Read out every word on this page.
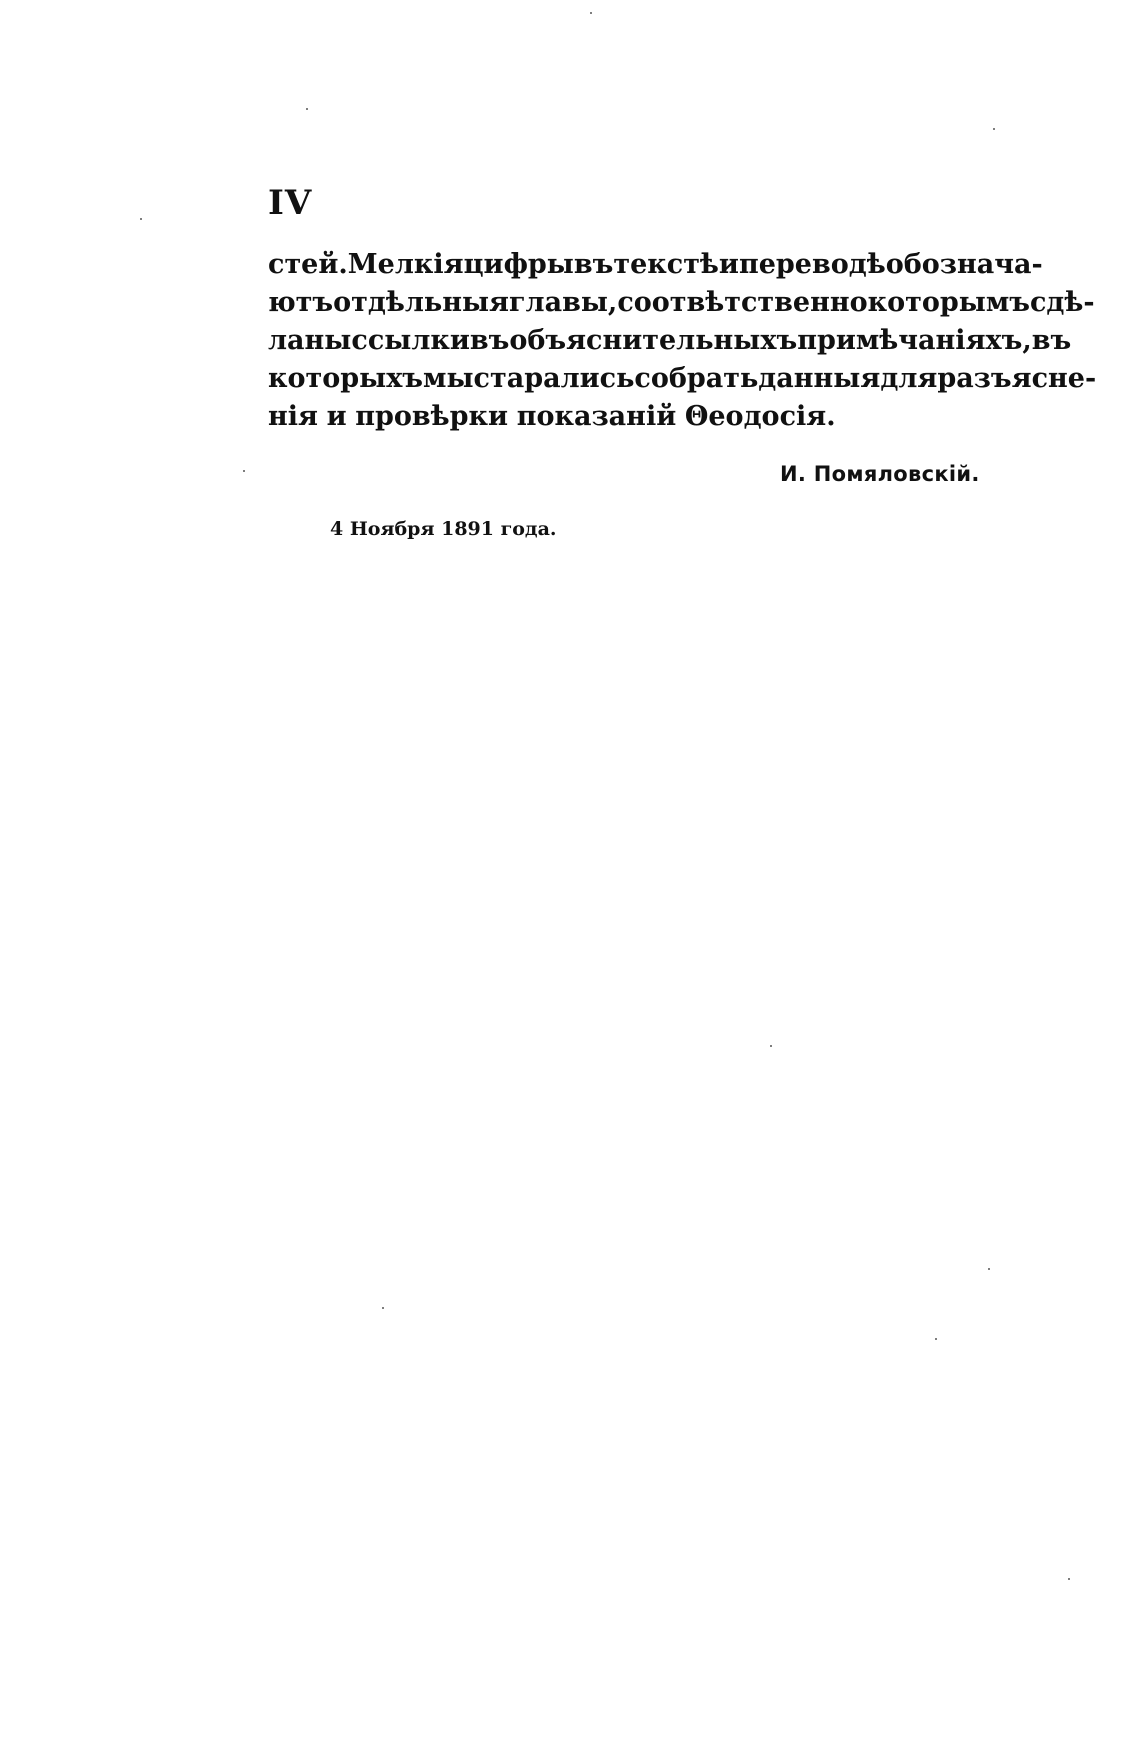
IV
стей. Мелкія цифры въ текстѣ и переводѣ обознача-
ютъ отдѣльныя главы, соотвѣтственно которымъ сдѣ-
ланы ссылки въ объяснительныхъ примѣчаніяхъ, въ
которыхъ мы старались собрать данныя для разъясне-
нія и провѣрки показаній Θеодосія.
И. Помяловскій.
4 Ноября 1891 года.
